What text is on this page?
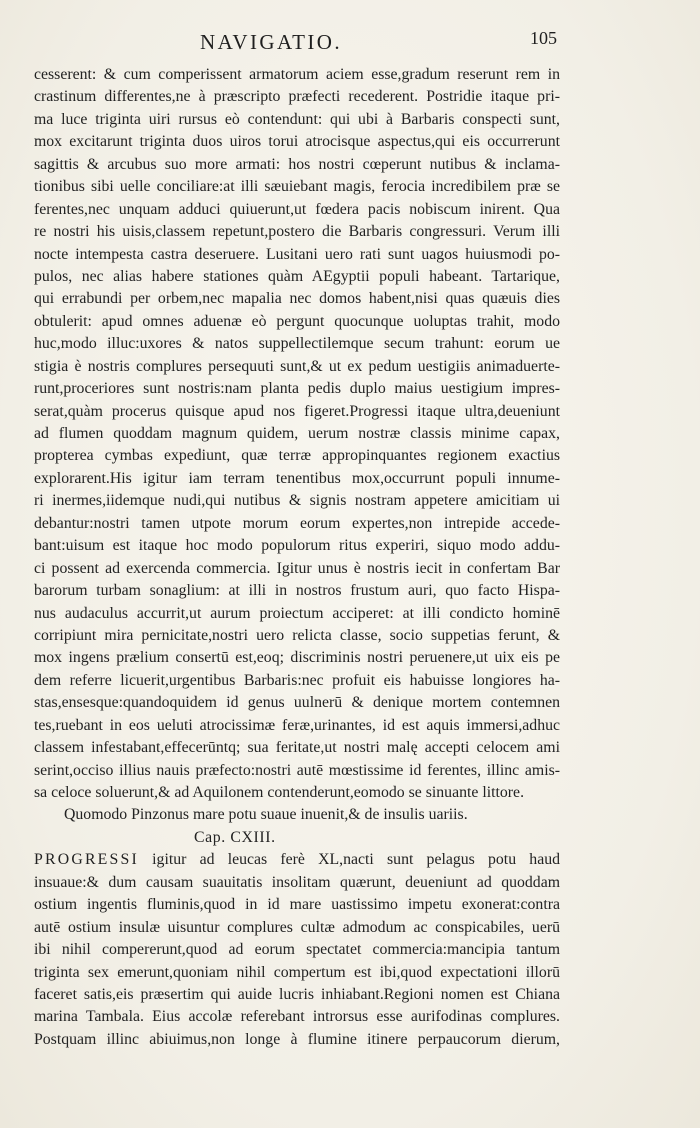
NAVIGATIO.	105
cesserent: & cum comperissent armatorum aciem esse,gradum reserunt rem in
crastinum differentes,ne à præscripto præfecti recederent. Postridie itaque pri-
ma luce triginta uiri rursus eò contendunt: qui ubi à Barbaris conspecti sunt,
mox excitarunt triginta duos uiros torui atrocisque aspectus,qui eis occurrerunt
sagittis & arcubus suo more armati: hos nostri cœperunt nutibus & inclama-
tionibus sibi uelle conciliare:at illi sæuiebant magis, ferocia incredibilem præ se
ferentes,nec unquam adduci quiuerunt,ut fœdera pacis nobiscum inirent. Qua
re nostri his uisis,classem repetunt,postero die Barbaris congressuri. Verum illi
nocte intempesta castra deseruere. Lusitani uero rati sunt uagos huiusmodi po-
pulos, nec alias habere stationes quàm AEgyptii populi habeant. Tartarique,
qui errabundi per orbem,nec mapalia nec domos habent,nisi quas quæuis dies
obtulerit: apud omnes aduenæ eò pergunt quocunque uoluptas trahit, modo
huc,modo illuc:uxores & natos suppellectilemque secum trahunt: eorum ue
stigia è nostris complures persequuti sunt,& ut ex pedum uestigiis animaduerte-
runt,proceriores sunt nostris:nam planta pedis duplo maius uestigium impres-
serat,quàm procerus quisque apud nos figeret.Progressi itaque ultra,deueniunt
ad flumen quoddam magnum quidem, uerum nostræ classis minime capax,
propterea cymbas expediunt, quæ terræ appropinquantes regionem exactius
explorarent.His igitur iam terram tenentibus mox,occurrunt populi innume-
ri inermes,iidemque nudi,qui nutibus & signis nostram appetere amicitiam ui
debantur:nostri tamen utpote morum eorum expertes,non intrepide accede-
bant:uisum est itaque hoc modo populorum ritus experiri, siquo modo addu-
ci possent ad exercenda commercia. Igitur unus è nostris iecit in confertam Bar
barorum turbam sonaglium: at illi in nostros frustum auri, quo facto Hispa-
nus audaculus accurrit,ut aurum proiectum acciperet: at illi condicto hominē
corripiunt mira pernicitate,nostri uero relicta classe, socio suppetias ferunt, &
mox ingens prælium consertū est,eoq; discriminis nostri peruenere,ut uix eis pe
dem referre licuerit,urgentibus Barbaris:nec profuit eis habuisse longiores ha-
stas,ensesque:quandoquidem id genus uulnerū & denique mortem contemnen
tes,ruebant in eos ueluti atrocissimæ feræ,urinantes, id est aquis immersi,adhuc
classem infestabant,effecerūntq; sua feritate,ut nostri malę accepti celocem ami
serint,occiso illius nauis præfecto:nostri autē mœstissime id ferentes, illinc amis-
sa celoce soluerunt,& ad Aquilonem contenderunt,eomodo se sinuante littore.
Quomodo Pinzonus mare potu suaue inuenit,& de insulis uariis.
Cap. CXIII.
PROGRESSI igitur ad leucas ferè XL,nacti sunt pelagus potu haud
insuaue:& dum causam suauitatis insolitam quærunt, deueniunt ad quoddam
ostium ingentis fluminis,quod in id mare uastissimo impetu exonerat:contra
autē ostium insulæ uisuntur complures cultæ admodum ac conspicabiles, uerū
ibi nihil compererunt,quod ad eorum spectatet commercia:mancipia tantum
triginta sex emerunt,quoniam nihil compertum est ibi,quod expectationi illorū
faceret satis,eis præsertim qui auide lucris inhiabant.Regioni nomen est Chiana
marina Tambala. Eius accolæ referebant introrsus esse aurifodinas complures.
Postquam illinc abiuimus,non longe à flumine itinere perpaucorum dierum,
